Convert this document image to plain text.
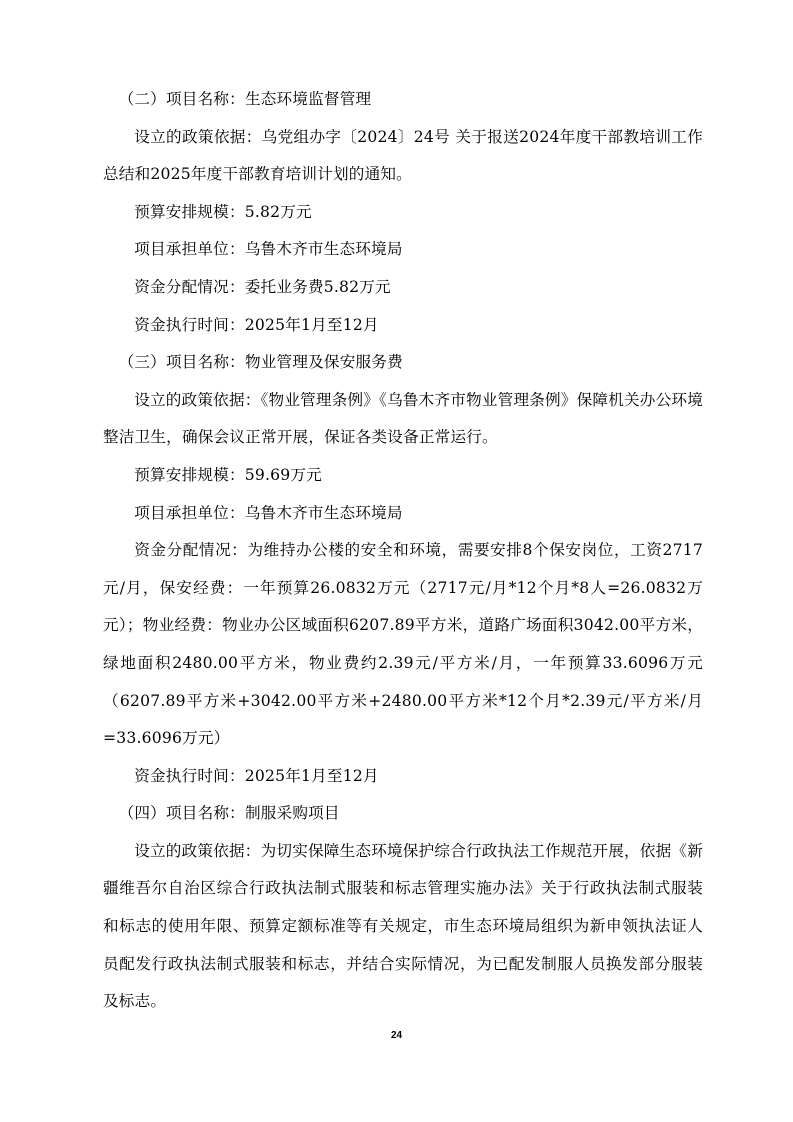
（二）项目名称：生态环境监督管理

设立的政策依据：乌党组办字〔2024〕24号 关于报送2024年度干部教培训工作总结和2025年度干部教育培训计划的通知。

预算安排规模：5.82万元

项目承担单位：乌鲁木齐市生态环境局

资金分配情况：委托业务费5.82万元

资金执行时间：2025年1月至12月

（三）项目名称：物业管理及保安服务费

设立的政策依据：《物业管理条例》《乌鲁木齐市物业管理条例》保障机关办公环境整洁卫生，确保会议正常开展，保证各类设备正常运行。

预算安排规模：59.69万元

项目承担单位：乌鲁木齐市生态环境局

资金分配情况：为维持办公楼的安全和环境，需要安排8个保安岗位，工资2717元/月，保安经费：一年预算26.0832万元（2717元/月*12个月*8人=26.0832万元）；物业经费：物业办公区域面积6207.89平方米，道路广场面积3042.00平方米，绿地面积2480.00平方米，物业费约2.39元/平方米/月，一年预算33.6096万元（6207.89平方米+3042.00平方米+2480.00平方米*12个月*2.39元/平方米/月=33.6096万元）

资金执行时间：2025年1月至12月

（四）项目名称：制服采购项目

设立的政策依据：为切实保障生态环境保护综合行政执法工作规范开展，依据《新疆维吾尔自治区综合行政执法制式服装和标志管理实施办法》关于行政执法制式服装和标志的使用年限、预算定额标准等有关规定，市生态环境局组织为新申领执法证人员配发行政执法制式服装和标志，并结合实际情况，为已配发制服人员换发部分服装及标志。

24
